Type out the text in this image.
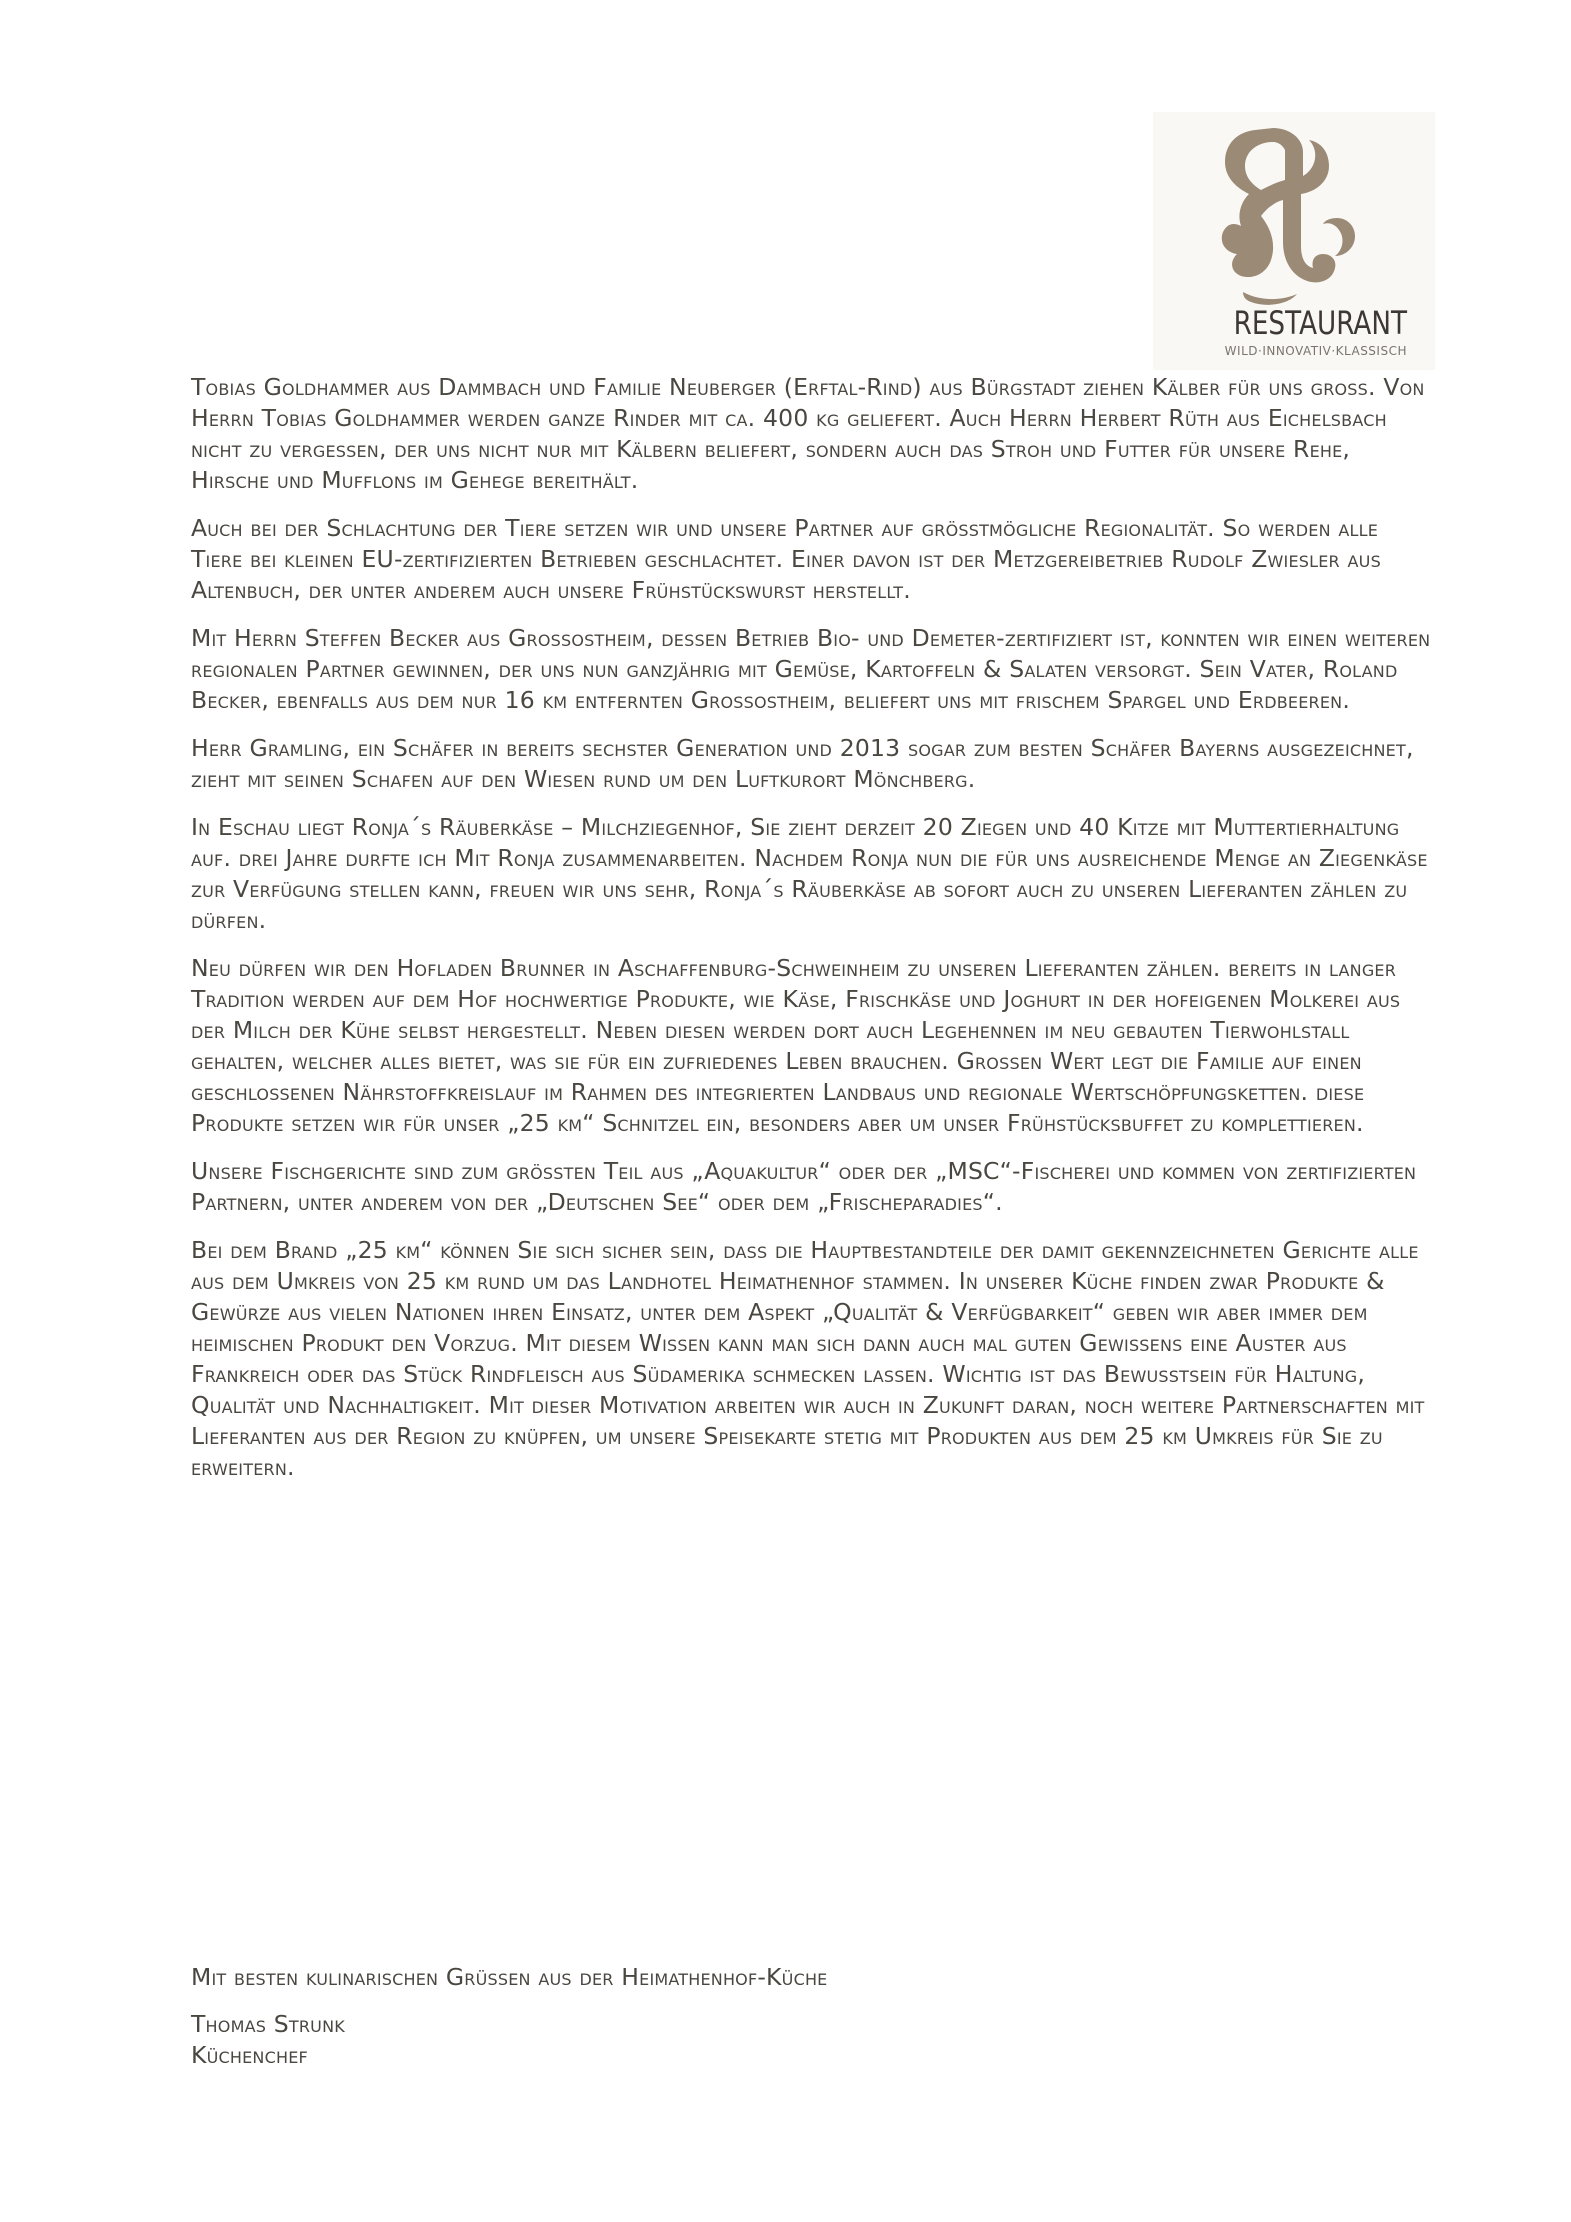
RESTAURANT
WILD·INNOVATIV·KLASSISCH

Tobias Goldhammer aus Dammbach und Familie Neuberger (Erftal-Rind) aus Bürgstadt ziehen Kälber für uns gross. Von Herrn Tobias Goldhammer werden ganze Rinder mit ca. 400 kg geliefert. Auch Herrn Herbert Rüth aus Eichelsbach nicht zu vergessen, der uns nicht nur mit Kälbern beliefert, sondern auch das Stroh und Futter für unsere Rehe, Hirsche und Mufflons im Gehege bereithält.

Auch bei der Schlachtung der Tiere setzen wir und unsere Partner auf grösstmögliche Regionalität. So werden alle Tiere bei kleinen EU-zertifizierten Betrieben geschlachtet. Einer davon ist der Metzgereibetrieb Rudolf Zwiesler aus Altenbuch, der unter anderem auch unsere Frühstückswurst herstellt.

Mit Herrn Steffen Becker aus Grossostheim, dessen Betrieb Bio- und Demeter-zertifiziert ist, konnten wir einen weiteren regionalen Partner gewinnen, der uns nun ganzjährig mit Gemüse, Kartoffeln & Salaten versorgt. Sein Vater, Roland Becker, ebenfalls aus dem nur 16 km entfernten Grossostheim, beliefert uns mit frischem Spargel und Erdbeeren.

Herr Gramling, ein Schäfer in bereits sechster Generation und 2013 sogar zum besten Schäfer Bayerns ausgezeichnet, zieht mit seinen Schafen auf den Wiesen rund um den Luftkurort Mönchberg.

In Eschau liegt Ronja´s Räuberkäse – Milchziegenhof, Sie zieht derzeit 20 Ziegen und 40 Kitze mit Muttertierhaltung auf. drei Jahre durfte ich Mit Ronja zusammenarbeiten. Nachdem Ronja nun die für uns ausreichende Menge an Ziegenkäse zur Verfügung stellen kann, freuen wir uns sehr, Ronja´s Räuberkäse ab sofort auch zu unseren Lieferanten zählen zu dürfen.

Neu dürfen wir den Hofladen Brunner in Aschaffenburg-Schweinheim zu unseren Lieferanten zählen. bereits in langer Tradition werden auf dem Hof hochwertige Produkte, wie Käse, Frischkäse und Joghurt in der hofeigenen Molkerei aus der Milch der Kühe selbst hergestellt. Neben diesen werden dort auch Legehennen im neu gebauten Tierwohlstall gehalten, welcher alles bietet, was sie für ein zufriedenes Leben brauchen. Grossen Wert legt die Familie auf einen geschlossenen Nährstoffkreislauf im Rahmen des integrierten Landbaus und regionale Wertschöpfungsketten. diese Produkte setzen wir für unser „25 km“ Schnitzel ein, besonders aber um unser Frühstücksbuffet zu komplettieren.

Unsere Fischgerichte sind zum grössten Teil aus „Aquakultur“ oder der „MSC“-Fischerei und kommen von zertifizierten Partnern, unter anderem von der „Deutschen See“ oder dem „Frischeparadies“.

Bei dem Brand „25 km“ können Sie sich sicher sein, dass die Hauptbestandteile der damit gekennzeichneten Gerichte alle aus dem Umkreis von 25 km rund um das Landhotel Heimathenhof stammen. In unserer Küche finden zwar Produkte & Gewürze aus vielen Nationen ihren Einsatz, unter dem Aspekt „Qualität & Verfügbarkeit“ geben wir aber immer dem heimischen Produkt den Vorzug. Mit diesem Wissen kann man sich dann auch mal guten Gewissens eine Auster aus Frankreich oder das Stück Rindfleisch aus Südamerika schmecken lassen. Wichtig ist das Bewusstsein für Haltung, Qualität und Nachhaltigkeit. Mit dieser Motivation arbeiten wir auch in Zukunft daran, noch weitere Partnerschaften mit Lieferanten aus der Region zu knüpfen, um unsere Speisekarte stetig mit Produkten aus dem 25 km Umkreis für Sie zu erweitern.

Mit besten kulinarischen Grüssen aus der Heimathenhof-Küche

Thomas Strunk

Küchenchef
